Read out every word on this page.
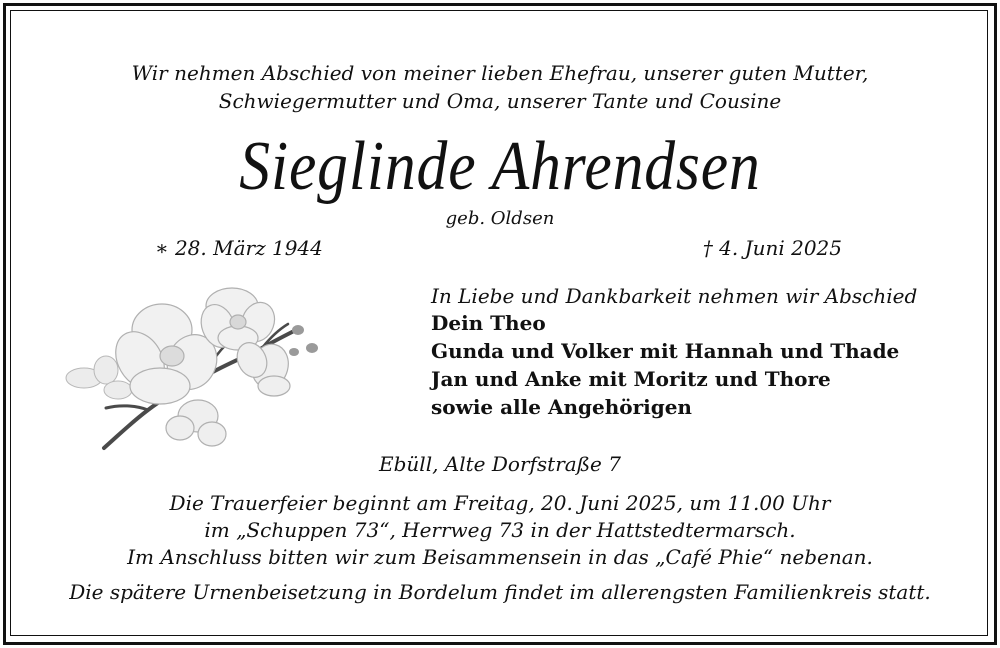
Wir nehmen Abschied von meiner lieben Ehefrau, unserer guten Mutter,
Schwiegermutter und Oma, unserer Tante und Cousine
Sieglinde Ahrendsen
geb. Oldsen
∗ 28. März 1944	† 4. Juni 2025
In Liebe und Dankbarkeit nehmen wir Abschied
Dein Theo
Gunda und Volker mit Hannah und Thade
Jan und Anke mit Moritz und Thore
sowie alle Angehörigen
Ebüll, Alte Dorfstraße 7
Die Trauerfeier beginnt am Freitag, 20. Juni 2025, um 11.00 Uhr
im „Schuppen 73“, Herrweg 73 in der Hattstedtermarsch.
Im Anschluss bitten wir zum Beisammensein in das „Café Phie“ nebenan.
Die spätere Urnenbeisetzung in Bordelum findet im allerengsten Familienkreis statt.
